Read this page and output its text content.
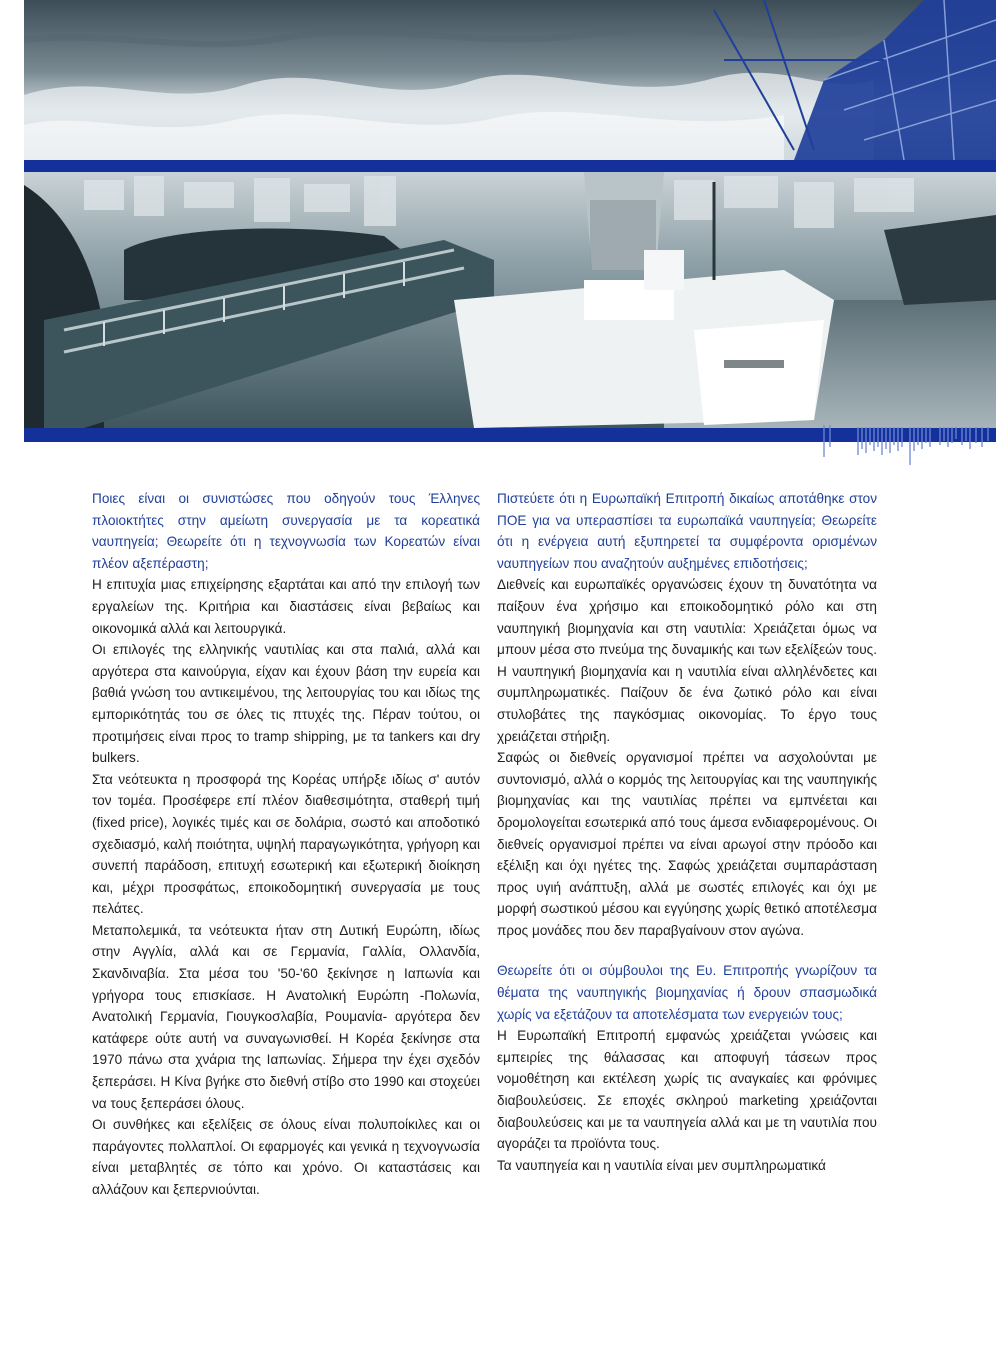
Ποιες είναι οι συνιστώσες που οδηγούν τους Έλληνες πλοιοκτήτες στην αμείωτη συνεργασία με τα κορεατικά ναυπηγεία; Θεωρείτε ότι η τεχνογνωσία των Κορεατών είναι πλέον αξεπέραστη;

Η επιτυχία μιας επιχείρησης εξαρτάται και από την επιλογή των εργαλείων της. Κριτήρια και διαστάσεις είναι βεβαίως και οικονομικά αλλά και λειτουργικά.

Οι επιλογές της ελληνικής ναυτιλίας και στα παλιά, αλλά και αργότερα στα καινούργια, είχαν και έχουν βάση την ευρεία και βαθιά γνώση του αντικειμένου, της λειτουργίας του και ιδίως της εμπορικότητάς του σε όλες τις πτυχές της. Πέραν τούτου, οι προτιμήσεις είναι προς το tramp shipping, με τα tankers και dry bulkers.

Στα νεότευκτα η προσφορά της Κορέας υπήρξε ιδίως σ' αυτόν τον τομέα. Προσέφερε επί πλέον διαθεσιμότητα, σταθερή τιμή (fixed price), λογικές τιμές και σε δολάρια, σωστό και αποδοτικό σχεδιασμό, καλή ποιότητα, υψηλή παραγωγικότητα, γρήγορη και συνεπή παράδοση, επιτυχή εσωτερική και εξωτερική διοίκηση και, μέχρι προσφάτως, εποικοδομητική συνεργασία με τους πελάτες.

Μεταπολεμικά, τα νεότευκτα ήταν στη Δυτική Ευρώπη, ιδίως στην Αγγλία, αλλά και σε Γερμανία, Γαλλία, Ολλανδία, Σκανδιναβία. Στα μέσα του '50-'60 ξεκίνησε η Ιαπωνία και γρήγορα τους επισκίασε. Η Ανατολική Ευρώπη -Πολωνία, Ανατολική Γερμανία, Γιουγκοσλαβία, Ρουμανία- αργότερα δεν κατάφερε ούτε αυτή να συναγωνισθεί. Η Κορέα ξεκίνησε στα 1970 πάνω στα χνάρια της Ιαπωνίας. Σήμερα την έχει σχεδόν ξεπεράσει. Η Κίνα βγήκε στο διεθνή στίβο στο 1990 και στοχεύει να τους ξεπεράσει όλους.

Οι συνθήκες και εξελίξεις σε όλους είναι πολυποίκιλες και οι παράγοντες πολλαπλοί. Οι εφαρμογές και γενικά η τεχνογνωσία είναι μεταβλητές σε τόπο και χρόνο. Οι καταστάσεις και αλλάζουν και ξεπερνιούνται.

Πιστεύετε ότι η Ευρωπαϊκή Επιτροπή δικαίως αποτάθηκε στον ΠΟΕ για να υπερασπίσει τα ευρωπαϊκά ναυπηγεία; Θεωρείτε ότι η ενέργεια αυτή εξυπηρετεί τα συμφέροντα ορισμένων ναυπηγείων που αναζητούν αυξημένες επιδοτήσεις;

Διεθνείς και ευρωπαϊκές οργανώσεις έχουν τη δυνατότητα να παίξουν ένα χρήσιμο και εποικοδομητικό ρόλο και στη ναυπηγική βιομηχανία και στη ναυτιλία: Χρειάζεται όμως να μπουν μέσα στο πνεύμα της δυναμικής και των εξελίξεών τους. Η ναυπηγική βιομηχανία και η ναυτιλία είναι αλληλένδετες και συμπληρωματικές. Παίζουν δε ένα ζωτικό ρόλο και είναι στυλοβάτες της παγκόσμιας οικονομίας. Το έργο τους χρειάζεται στήριξη.

Σαφώς οι διεθνείς οργανισμοί πρέπει να ασχολούνται με συντονισμό, αλλά ο κορμός της λειτουργίας και της ναυπηγικής βιομηχανίας και της ναυτιλίας πρέπει να εμπνέεται και δρομολογείται εσωτερικά από τους άμεσα ενδιαφερομένους. Οι διεθνείς οργανισμοί πρέπει να είναι αρωγοί στην πρόοδο και εξέλιξη και όχι ηγέτες της. Σαφώς χρειάζεται συμπαράσταση προς υγιή ανάπτυξη, αλλά με σωστές επιλογές και όχι με μορφή σωστικού μέσου και εγγύησης χωρίς θετικό αποτέλεσμα προς μονάδες που δεν παραβγαίνουν στον αγώνα.

Θεωρείτε ότι οι σύμβουλοι της Ευ. Επιτροπής γνωρίζουν τα θέματα της ναυπηγικής βιομηχανίας ή δρουν σπασμωδικά χωρίς να εξετάζουν τα αποτελέσματα των ενεργειών τους;

Η Ευρωπαϊκή Επιτροπή εμφανώς χρειάζεται γνώσεις και εμπειρίες της θάλασσας και αποφυγή τάσεων προς νομοθέτηση και εκτέλεση χωρίς τις αναγκαίες και φρόνιμες διαβουλεύσεις. Σε εποχές σκληρού marketing χρειάζονται διαβουλεύσεις και με τα ναυπηγεία αλλά και με τη ναυτιλία που αγοράζει τα προϊόντα τους.

Τα ναυπηγεία και η ναυτιλία είναι μεν συμπληρωματικά
